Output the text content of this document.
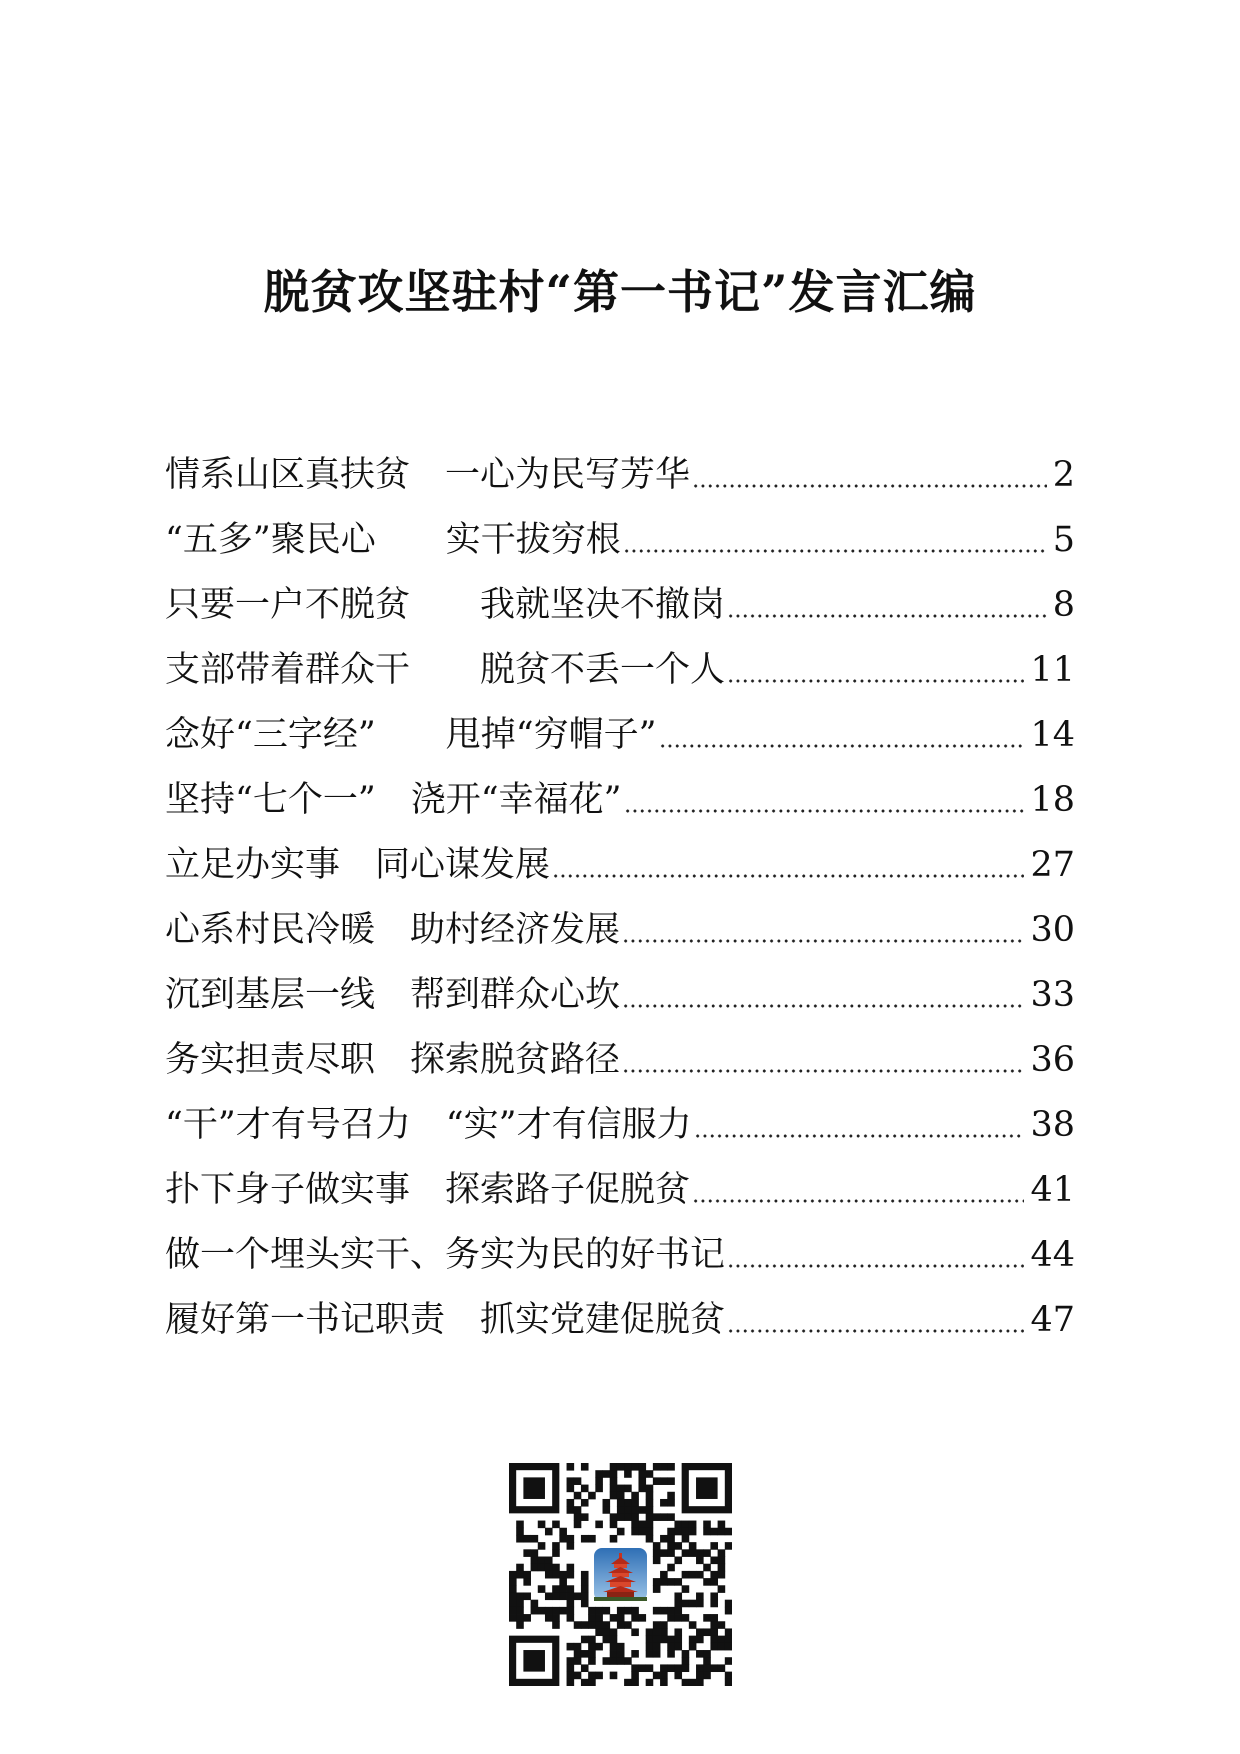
脱贫攻坚驻村“第一书记”发言汇编
情系山区真扶贫　一心为民写芳华	2
“五多”聚民心　　实干拔穷根	5
只要一户不脱贫　　我就坚决不撤岗	8
支部带着群众干　　脱贫不丢一个人	11
念好“三字经”　　甩掉“穷帽子”	14
坚持“七个一”　浇开“幸福花”	18
立足办实事　同心谋发展	27
心系村民冷暖　助村经济发展	30
沉到基层一线　帮到群众心坎	33
务实担责尽职　探索脱贫路径	36
“干”才有号召力　“实”才有信服力	38
扑下身子做实事　探索路子促脱贫	41
做一个埋头实干、务实为民的好书记	44
履好第一书记职责　抓实党建促脱贫	47
